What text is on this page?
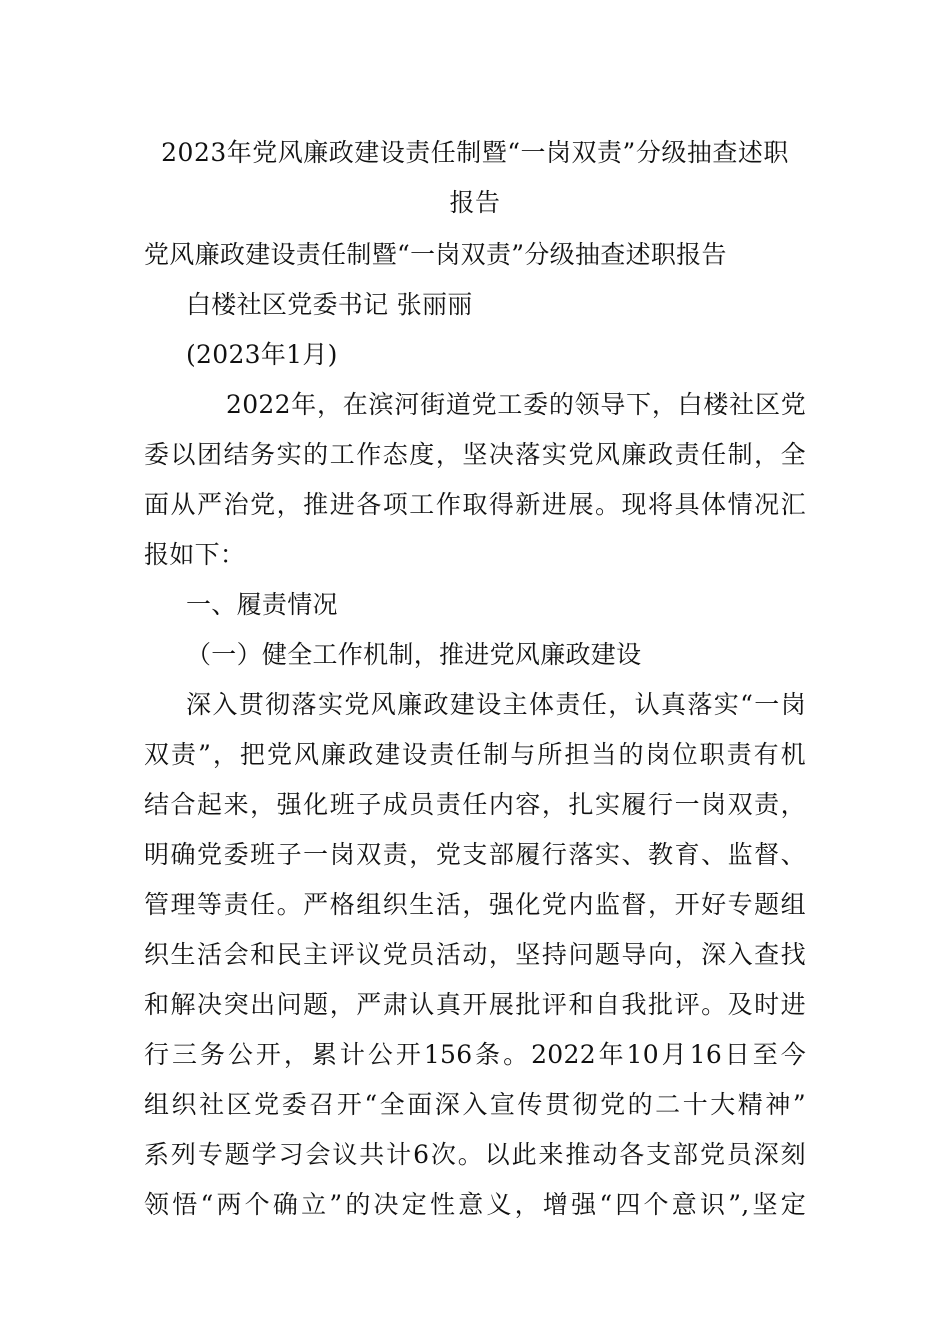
2023年党风廉政建设责任制暨“一岗双责”分级抽查述职
报告
党风廉政建设责任制暨“一岗双责”分级抽查述职报告
白楼社区党委书记 张丽丽
(2023年1月)
2022年，在滨河街道党工委的领导下，白楼社区党
委以团结务实的工作态度，坚决落实党风廉政责任制，全
面从严治党，推进各项工作取得新进展。现将具体情况汇
报如下：
一、履责情况
（一）健全工作机制，推进党风廉政建设
深入贯彻落实党风廉政建设主体责任，认真落实“一岗
双责”，把党风廉政建设责任制与所担当的岗位职责有机
结合起来，强化班子成员责任内容，扎实履行一岗双责，
明确党委班子一岗双责，党支部履行落实、教育、监督、
管理等责任。严格组织生活，强化党内监督，开好专题组
织生活会和民主评议党员活动，坚持问题导向，深入查找
和解决突出问题，严肃认真开展批评和自我批评。及时进
行三务公开，累计公开156条。2022年10月16日至今
组织社区党委召开“全面深入宣传贯彻党的二十大精神”
系列专题学习会议共计6次。以此来推动各支部党员深刻
领悟“两个确立”的决定性意义，增强“四个意识”,坚定
